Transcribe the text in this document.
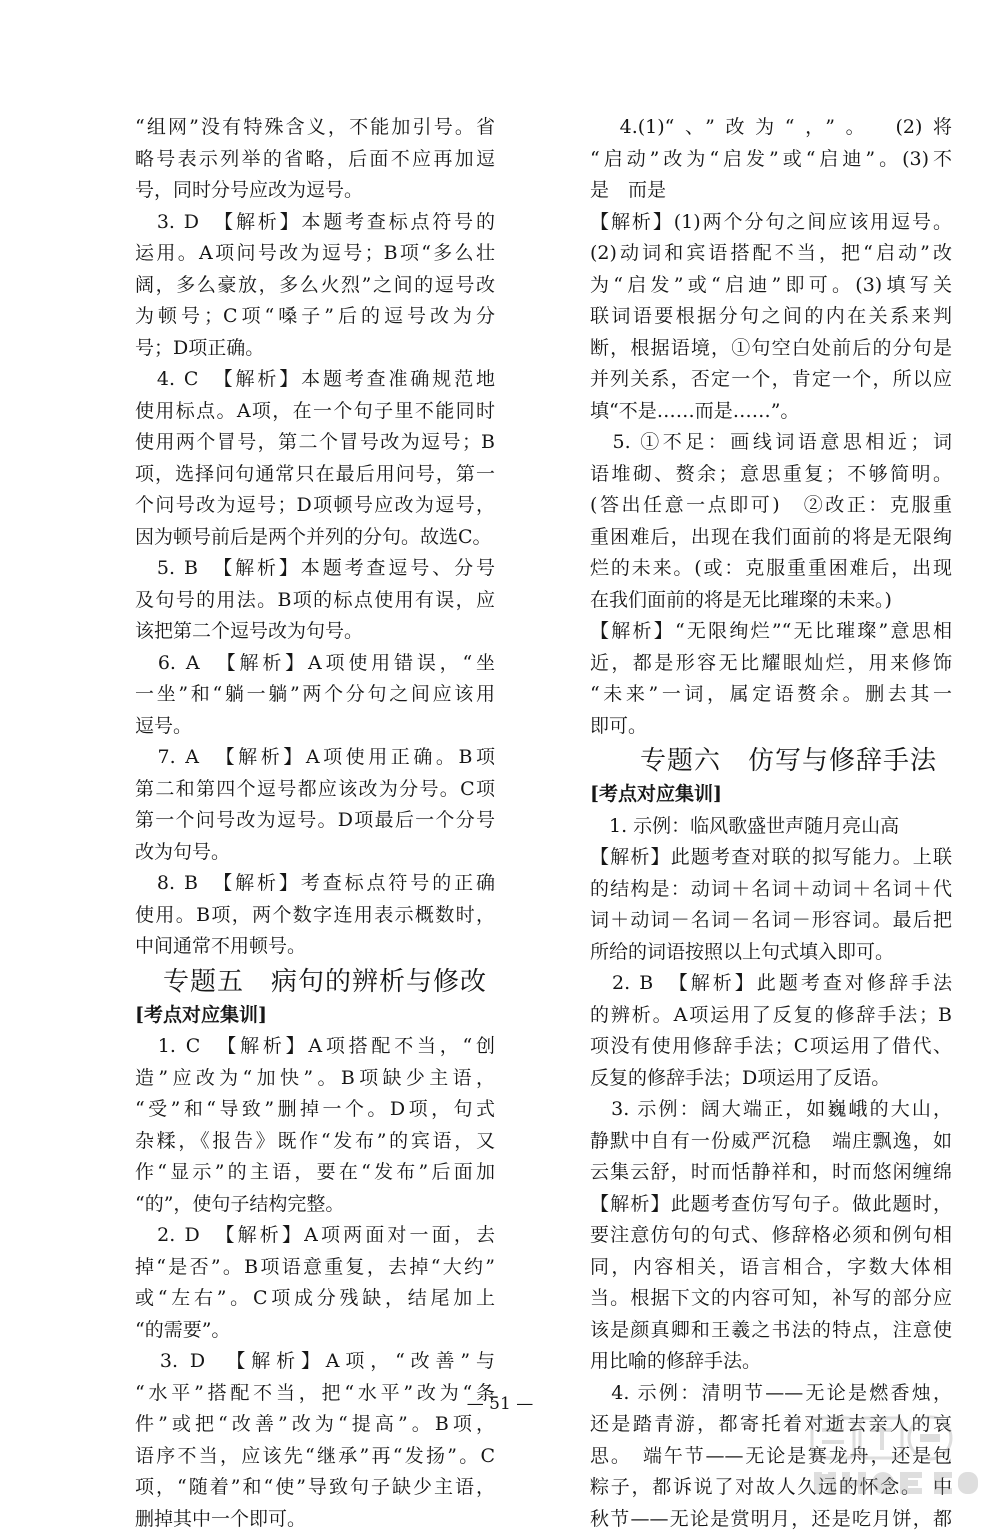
“组网”没有特殊含义，不能加引号。省
略号表示列举的省略，后面不应再加逗
号，同时分号应改为逗号。
　3. D　【解析】本题考查标点符号的
运用。A项问号改为逗号；B项“多么壮
阔，多么豪放，多么火烈”之间的逗号改
为顿号；C项“嗓子”后的逗号改为分
号；D项正确。
　4. C　【解析】本题考查准确规范地
使用标点。A项，在一个句子里不能同时
使用两个冒号，第二个冒号改为逗号；B
项，选择问句通常只在最后用问号，第一
个问号改为逗号；D项顿号应改为逗号，
因为顿号前后是两个并列的分句。故选C。
　5. B　【解析】本题考查逗号、分号
及句号的用法。B项的标点使用有误，应
该把第二个逗号改为句号。
　6. A　【解析】A项使用错误，“坐
一坐”和“躺一躺”两个分句之间应该用
逗号。
　7. A　【解析】A项使用正确。B项
第二和第四个逗号都应该改为分号。C项
第一个问号改为逗号。D项最后一个分号
改为句号。
　8. B　【解析】考查标点符号的正确
使用。B项，两个数字连用表示概数时，
中间通常不用顿号。
专题五　病句的辨析与修改
[考点对应集训]
　1. C　【解析】A项搭配不当，“创
造”应改为“加快”。B项缺少主语，
“受”和“导致”删掉一个。D项，句式
杂糅，《报告》既作“发布”的宾语，又
作“显示”的主语，要在“发布”后面加
“的”，使句子结构完整。
　2. D　【解析】A项两面对一面，去
掉“是否”。B项语意重复，去掉“大约”
或“左右”。C项成分残缺，结尾加上
“的需要”。
　3. D　【解析】A项，“改善”与
“水平”搭配不当，把“水平”改为“条
件”或把“改善”改为“提高”。B项，
语序不当，应该先“继承”再“发扬”。C
项，“随着”和“使”导致句子缺少主语，
删掉其中一个即可。
　4.(1)“、”改为“，”。　(2)将
“启动”改为“启发”或“启迪”。(3)不
是　而是
【解析】(1)两个分句之间应该用逗号。
(2)动词和宾语搭配不当，把“启动”改
为“启发”或“启迪”即可。(3)填写关
联词语要根据分句之间的内在关系来判
断，根据语境，①句空白处前后的分句是
并列关系，否定一个，肯定一个，所以应
填“不是……而是……”。
　5. ①不足：画线词语意思相近；词
语堆砌、赘余；意思重复；不够简明。
(答出任意一点即可)　②改正：克服重
重困难后，出现在我们面前的将是无限绚
烂的未来。(或：克服重重困难后，出现
在我们面前的将是无比璀璨的未来。)
【解析】“无限绚烂”“无比璀璨”意思相
近，都是形容无比耀眼灿烂，用来修饰
“未来”一词，属定语赘余。删去其一
即可。
专题六　仿写与修辞手法
[考点对应集训]
　1. 示例：临风歌盛世声随月亮山高
【解析】此题考查对联的拟写能力。上联
的结构是：动词＋名词＋动词＋名词＋代
词＋动词－名词－名词－形容词。最后把
所给的词语按照以上句式填入即可。
　2. B　【解析】此题考查对修辞手法
的辨析。A项运用了反复的修辞手法；B
项没有使用修辞手法；C项运用了借代、
反复的修辞手法；D项运用了反语。
　3. 示例：阔大端正，如巍峨的大山，
静默中自有一份威严沉稳　端庄飘逸，如
云集云舒，时而恬静祥和，时而悠闲缠绵
【解析】此题考查仿写句子。做此题时，
要注意仿句的句式、修辞格必须和例句相
同，内容相关，语言相合，字数大体相
当。根据下文的内容可知，补写的部分应
该是颜真卿和王羲之书法的特点，注意使
用比喻的修辞手法。
　4. 示例：清明节——无论是燃香烛，
还是踏青游，都寄托着对逝去亲人的哀
思。　端午节——无论是赛龙舟，还是包
粽子，都诉说了对故人久远的怀念。　中
秋节——无论是赏明月，还是吃月饼，都
— 51 —
